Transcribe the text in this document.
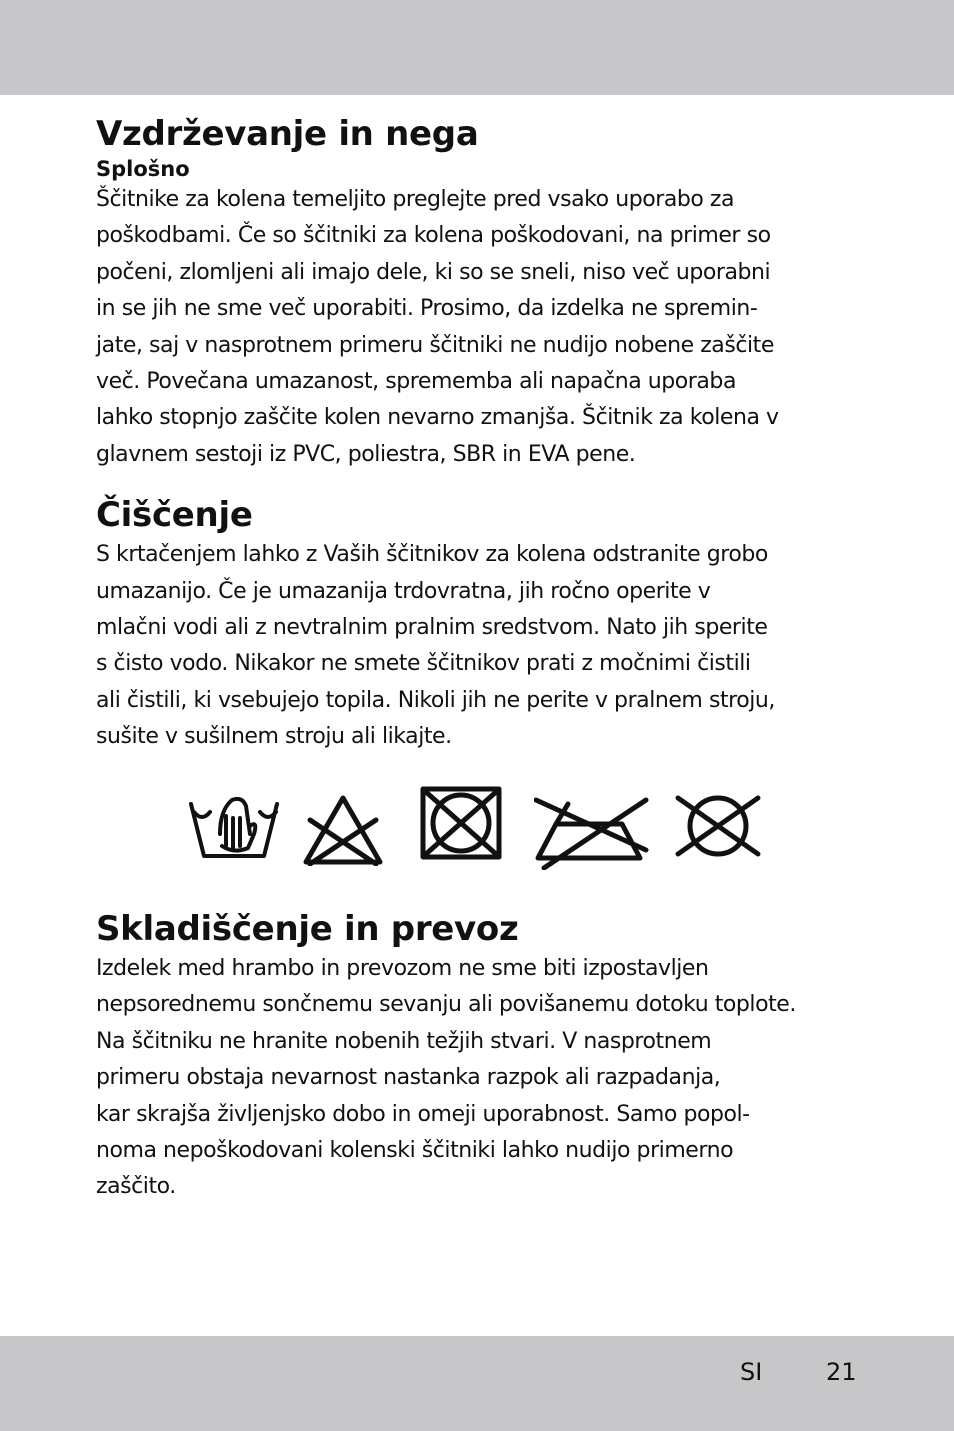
Vzdrževanje in nega
Splošno

Ščitnike za kolena temeljito preglejte pred vsako uporabo za
poškodbami. Če so ščitniki za kolena poškodovani, na primer so
počeni, zlomljeni ali imajo dele, ki so se sneli, niso več uporabni
in se jih ne sme več uporabiti. Prosimo, da izdelka ne spremin-
jate, saj v nasprotnem primeru ščitniki ne nudijo nobene zaščite
več. Povečana umazanost, sprememba ali napačna uporaba
lahko stopnjo zaščite kolen nevarno zmanjša. Ščitnik za kolena v
glavnem sestoji iz PVC, poliestra, SBR in EVA pene.

Čiščenje

S krtačenjem lahko z Vaših ščitnikov za kolena odstranite grobo
umazanijo. Če je umazanija trdovratna, jih ročno operite v
mlačni vodi ali z nevtralnim pralnim sredstvom. Nato jih sperite
s čisto vodo. Nikakor ne smete ščitnikov prati z močnimi čistili
ali čistili, ki vsebujejo topila. Nikoli jih ne perite v pralnem stroju,
sušite v sušilnem stroju ali likajte.

Skladiščenje in prevoz

Izdelek med hrambo in prevozom ne sme biti izpostavljen
nepsorednemu sončnemu sevanju ali povišanemu dotoku toplote.
Na ščitniku ne hranite nobenih težjih stvari. V nasprotnem
primeru obstaja nevarnost nastanka razpok ali razpadanja,
kar skrajša življenjsko dobo in omeji uporabnost. Samo popol-
noma nepoškodovani kolenski ščitniki lahko nudijo primerno
zaščito.

SI	21
